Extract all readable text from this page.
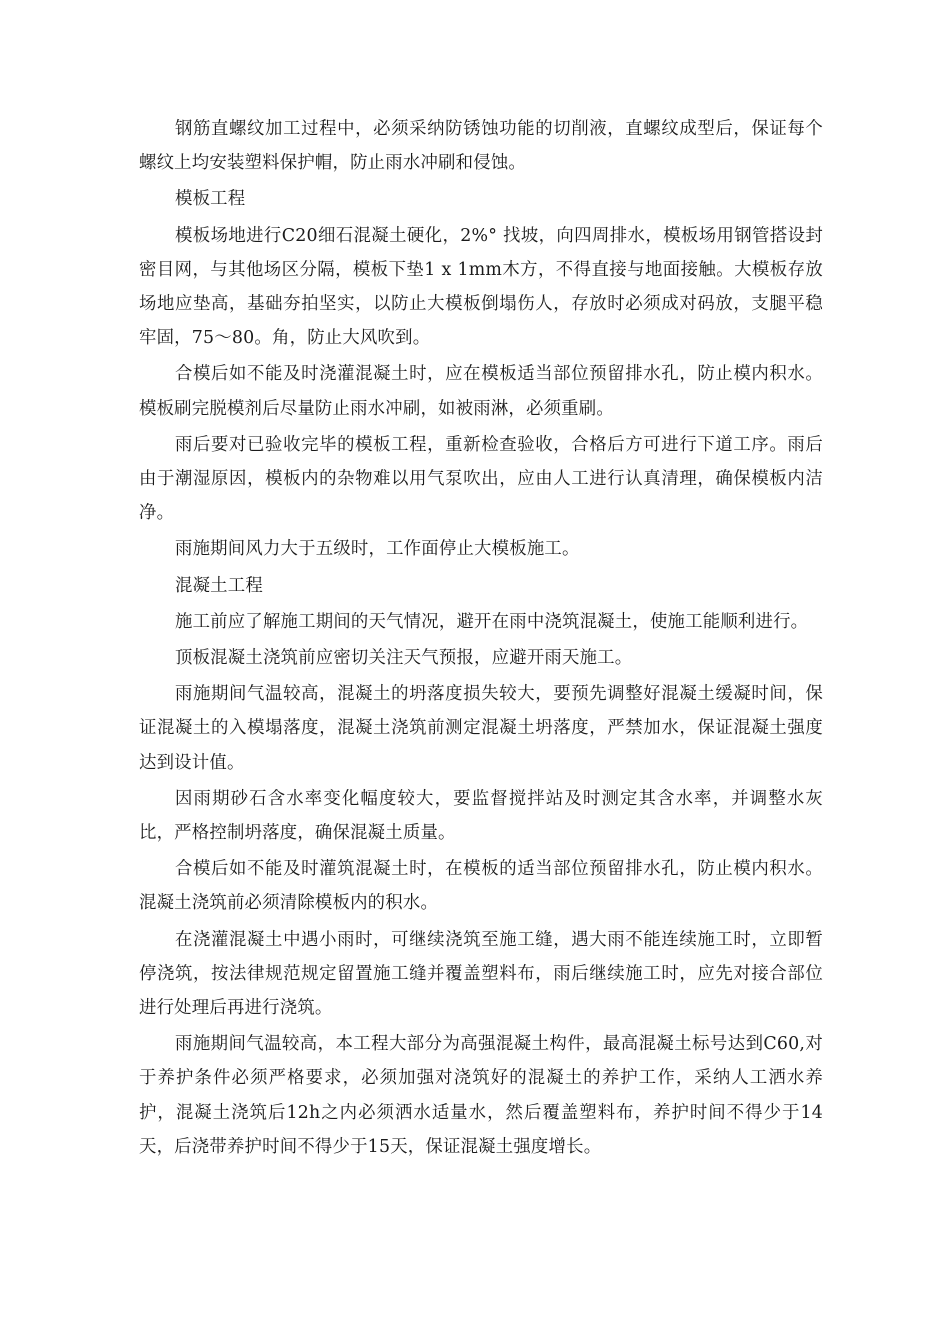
钢筋直螺纹加工过程中，必须采纳防锈蚀功能的切削液，直螺纹成型后，保证每个螺纹上均安装塑料保护帽，防止雨水冲刷和侵蚀。

模板工程

模板场地进行C20细石混凝土硬化，2%° 找坡，向四周排水，模板场用钢管搭设封密目网，与其他场区分隔，模板下垫1 x 1mm木方，不得直接与地面接触。大模板存放场地应垫高，基础夯拍坚实，以防止大模板倒塌伤人，存放时必须成对码放，支腿平稳牢固，75〜80。角，防止大风吹到。

合模后如不能及时浇灌混凝土时，应在模板适当部位预留排水孔，防止模内积水。模板刷完脱模剂后尽量防止雨水冲刷，如被雨淋，必须重刷。

雨后要对已验收完毕的模板工程，重新检查验收，合格后方可进行下道工序。雨后由于潮湿原因，模板内的杂物难以用气泵吹出，应由人工进行认真清理，确保模板内洁净。

雨施期间风力大于五级时，工作面停止大模板施工。

混凝土工程

施工前应了解施工期间的天气情况，避开在雨中浇筑混凝土，使施工能顺利进行。

顶板混凝土浇筑前应密切关注天气预报，应避开雨天施工。

雨施期间气温较高，混凝土的坍落度损失较大，要预先调整好混凝土缓凝时间，保证混凝土的入模塌落度，混凝土浇筑前测定混凝土坍落度，严禁加水，保证混凝土强度达到设计值。

因雨期砂石含水率变化幅度较大，要监督搅拌站及时测定其含水率，并调整水灰比，严格控制坍落度，确保混凝土质量。

合模后如不能及时灌筑混凝土时，在模板的适当部位预留排水孔，防止模内积水。混凝土浇筑前必须清除模板内的积水。

在浇灌混凝土中遇小雨时，可继续浇筑至施工缝，遇大雨不能连续施工时，立即暂停浇筑，按法律规范规定留置施工缝并覆盖塑料布，雨后继续施工时，应先对接合部位进行处理后再进行浇筑。

雨施期间气温较高，本工程大部分为高强混凝土构件，最高混凝土标号达到C60,对于养护条件必须严格要求，必须加强对浇筑好的混凝土的养护工作，采纳人工洒水养护，混凝土浇筑后12h之内必须洒水适量水，然后覆盖塑料布，养护时间不得少于14天，后浇带养护时间不得少于15天，保证混凝土强度增长。
